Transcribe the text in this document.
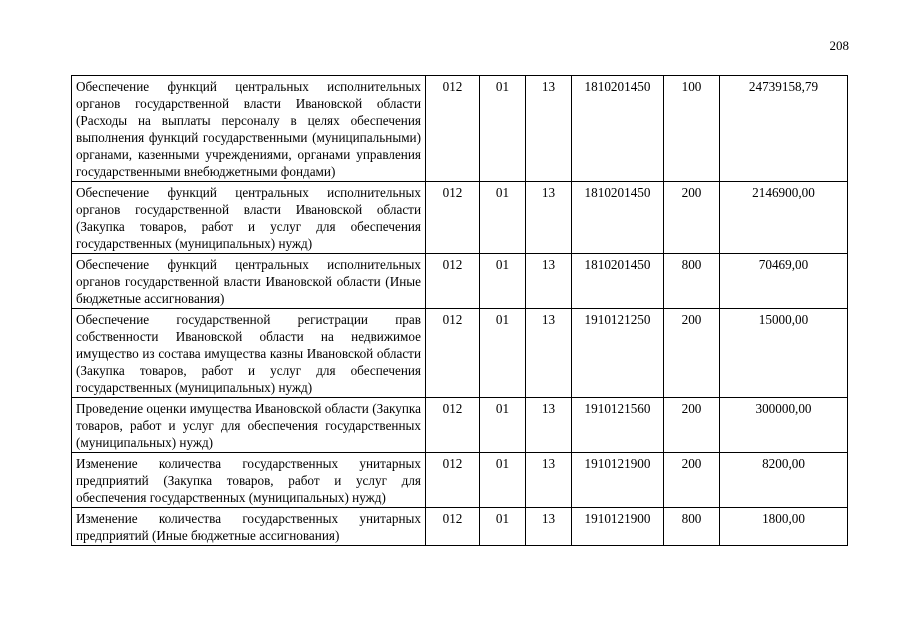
208
Обеспечение функций центральных исполнительных органов государственной власти Ивановской области (Расходы на выплаты персоналу в целях обеспечения выполнения функций государственными (муниципальными) органами, казенными учреждениями, органами управления государственными внебюджетными фондами)	012	01	13	1810201450	100	24739158,79
Обеспечение функций центральных исполнительных органов государственной власти Ивановской области (Закупка товаров, работ и услуг для обеспечения государственных (муниципальных) нужд)	012	01	13	1810201450	200	2146900,00
Обеспечение функций центральных исполнительных органов государственной власти Ивановской области (Иные бюджетные ассигнования)	012	01	13	1810201450	800	70469,00
Обеспечение государственной регистрации прав собственности Ивановской области на недвижимое имущество из состава имущества казны Ивановской области (Закупка товаров, работ и услуг для обеспечения государственных (муниципальных) нужд)	012	01	13	1910121250	200	15000,00
Проведение оценки имущества Ивановской области (Закупка товаров, работ и услуг для обеспечения государственных (муниципальных) нужд)	012	01	13	1910121560	200	300000,00
Изменение количества государственных унитарных предприятий (Закупка товаров, работ и услуг для обеспечения государственных (муниципальных) нужд)	012	01	13	1910121900	200	8200,00
Изменение количества государственных унитарных предприятий (Иные бюджетные ассигнования)	012	01	13	1910121900	800	1800,00
